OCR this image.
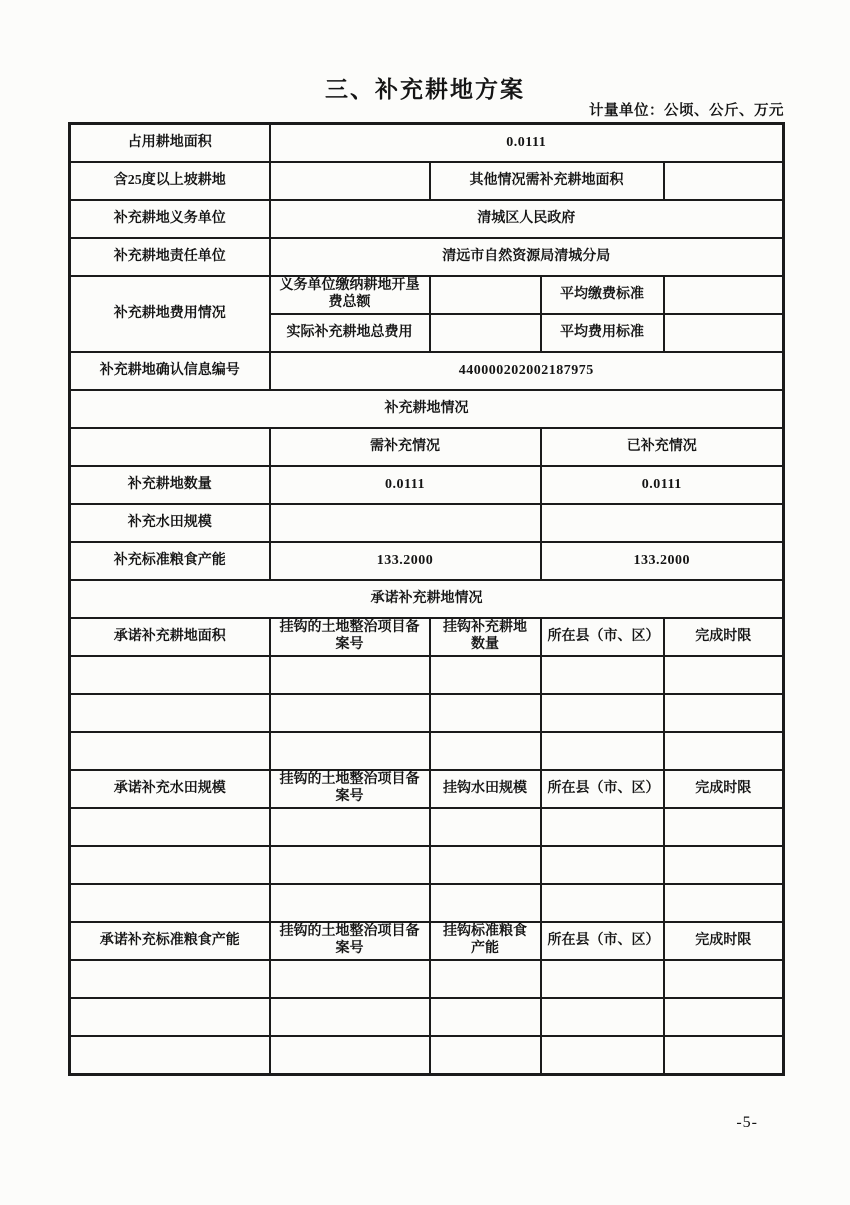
三、补充耕地方案
计量单位：公顷、公斤、万元
占用耕地面积	0.0111			
含25度以上坡耕地		其他情况需补充耕地面积		
补充耕地义务单位	清城区人民政府			
补充耕地责任单位	清远市自然资源局清城分局			
补充耕地费用情况	义务单位缴纳耕地开垦费总额		平均缴费标准	
	实际补充耕地总费用		平均费用标准	
补充耕地确认信息编号	440000202002187975			
补充耕地情况				
	需补充情况		已补充情况	
补充耕地数量	0.0111		0.0111	
补充水田规模				
补充标准粮食产能	133.2000		133.2000	
承诺补充耕地情况				
承诺补充耕地面积	挂钩的土地整治项目备案号	挂钩补充耕地数量	所在县（市、区）	完成时限

承诺补充水田规模	挂钩的土地整治项目备案号	挂钩水田规模	所在县（市、区）	完成时限

承诺补充标准粮食产能	挂钩的土地整治项目备案号	挂钩标准粮食产能	所在县（市、区）	完成时限

-5-
